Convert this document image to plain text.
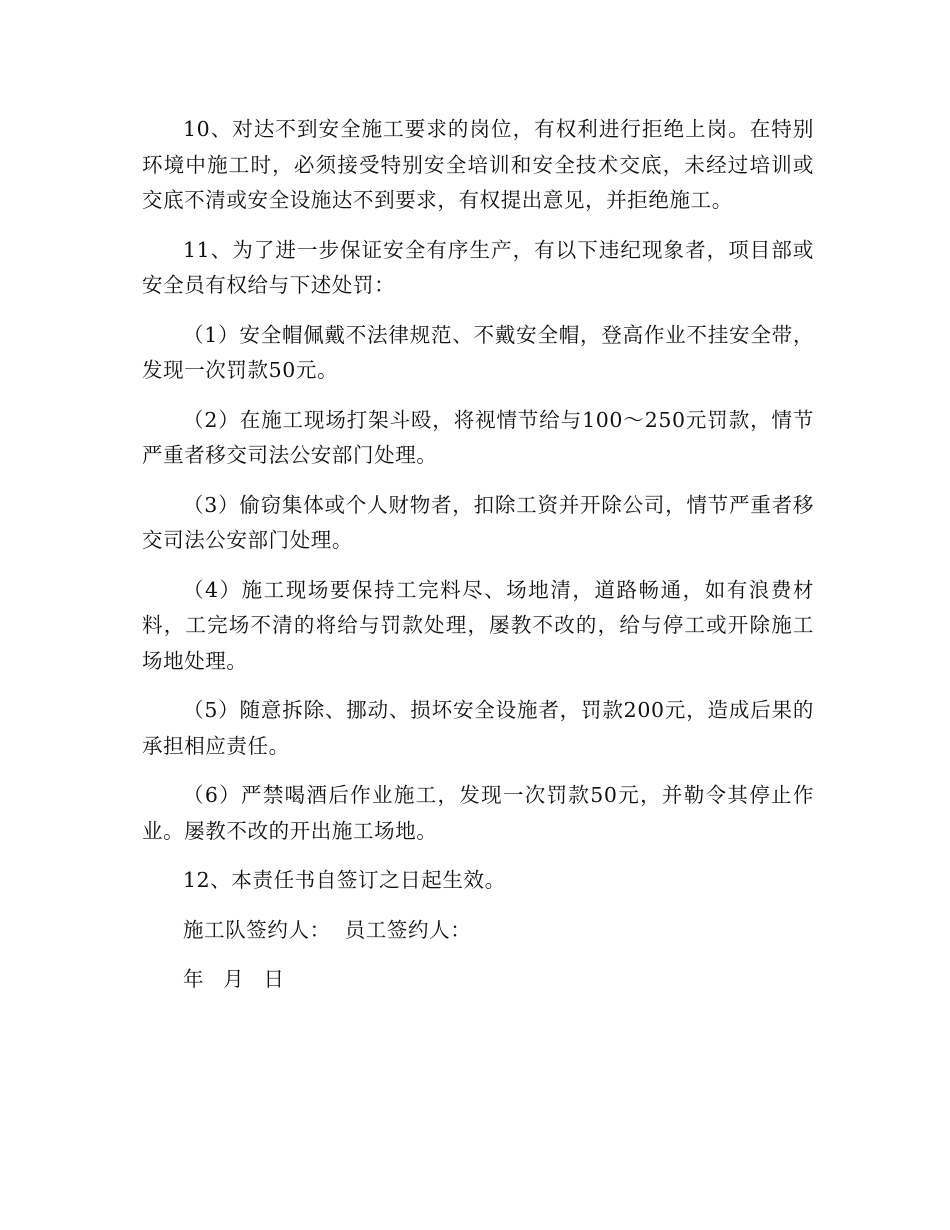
10、对达不到安全施工要求的岗位，有权利进行拒绝上岗。在特别环境中施工时，必须接受特别安全培训和安全技术交底，未经过培训或交底不清或安全设施达不到要求，有权提出意见，并拒绝施工。

11、为了进一步保证安全有序生产，有以下违纪现象者，项目部或安全员有权给与下述处罚：

（1）安全帽佩戴不法律规范、不戴安全帽，登高作业不挂安全带，发现一次罚款50元。

（2）在施工现场打架斗殴，将视情节给与100～250元罚款，情节严重者移交司法公安部门处理。

（3）偷窃集体或个人财物者，扣除工资并开除公司，情节严重者移交司法公安部门处理。

（4）施工现场要保持工完料尽、场地清，道路畅通，如有浪费材料，工完场不清的将给与罚款处理，屡教不改的，给与停工或开除施工场地处理。

（5）随意拆除、挪动、损坏安全设施者，罚款200元，造成后果的承担相应责任。

（6）严禁喝酒后作业施工，发现一次罚款50元，并勒令其停止作业。屡教不改的开出施工场地。

12、本责任书自签订之日起生效。

施工队签约人： 员工签约人：
年 月 日
